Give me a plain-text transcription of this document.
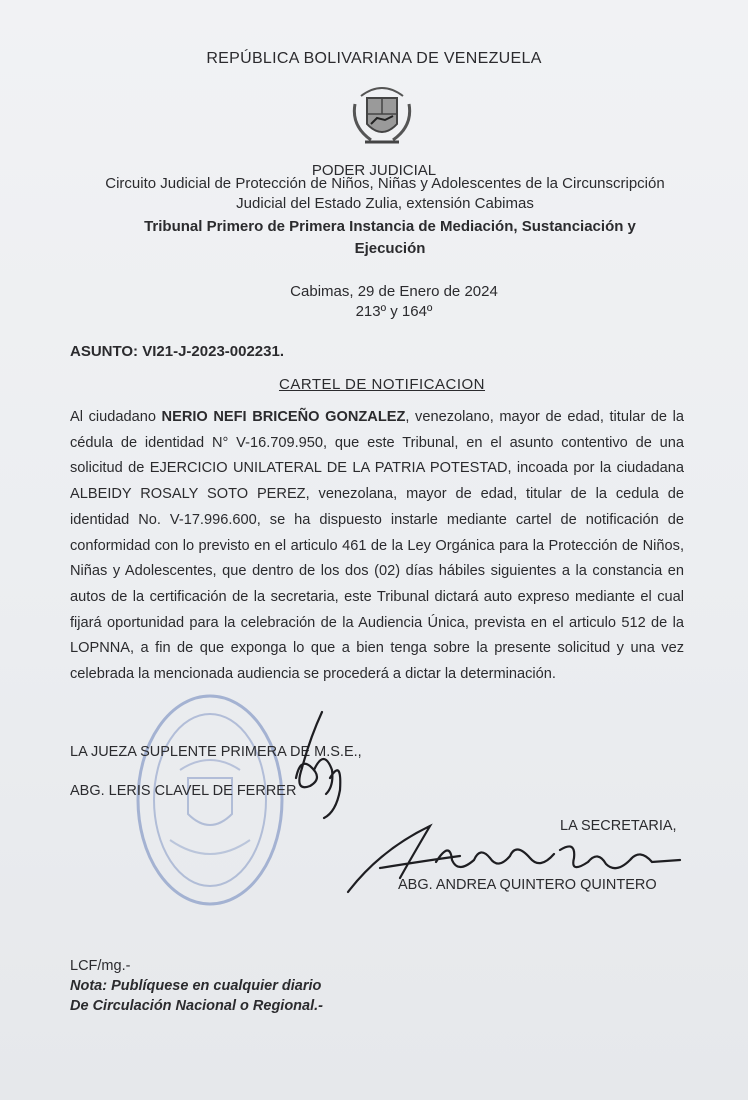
REPÚBLICA BOLIVARIANA DE VENEZUELA
PODER JUDICIAL
Circuito Judicial de Protección de Niños, Niñas y Adolescentes de la Circunscripción
Judicial del Estado Zulia, extensión Cabimas
Tribunal Primero de Primera Instancia de Mediación, Sustanciación y
Ejecución
Cabimas, 29 de Enero de 2024
213º y 164º
ASUNTO: VI21-J-2023-002231.
CARTEL DE NOTIFICACION
Al ciudadano NERIO NEFI BRICEÑO GONZALEZ, venezolano, mayor de edad, titular de la cédula de identidad N° V-16.709.950, que este Tribunal, en el asunto contentivo de una solicitud de EJERCICIO UNILATERAL DE LA PATRIA POTESTAD, incoada por la ciudadana ALBEIDY ROSALY SOTO PEREZ, venezolana, mayor de edad, titular de la cedula de identidad No. V-17.996.600, se ha dispuesto instarle mediante cartel de notificación de conformidad con lo previsto en el articulo 461 de la Ley Orgánica para la Protección de Niños, Niñas y Adolescentes, que dentro de los dos (02) días hábiles siguientes a la constancia en autos de la certificación de la secretaria, este Tribunal dictará auto expreso mediante el cual fijará oportunidad para la celebración de la Audiencia Única, prevista en el articulo 512 de la LOPNNA, a fin de que exponga lo que a bien tenga sobre la presente solicitud y una vez celebrada la mencionada audiencia se procederá a dictar la determinación.
LA JUEZA SUPLENTE PRIMERA DE M.S.E.,
ABG. LERIS CLAVEL DE FERRER
LA SECRETARIA,
ABG. ANDREA QUINTERO QUINTERO
LCF/mg.-
Nota: Publíquese en cualquier diario
De Circulación Nacional o Regional.-
